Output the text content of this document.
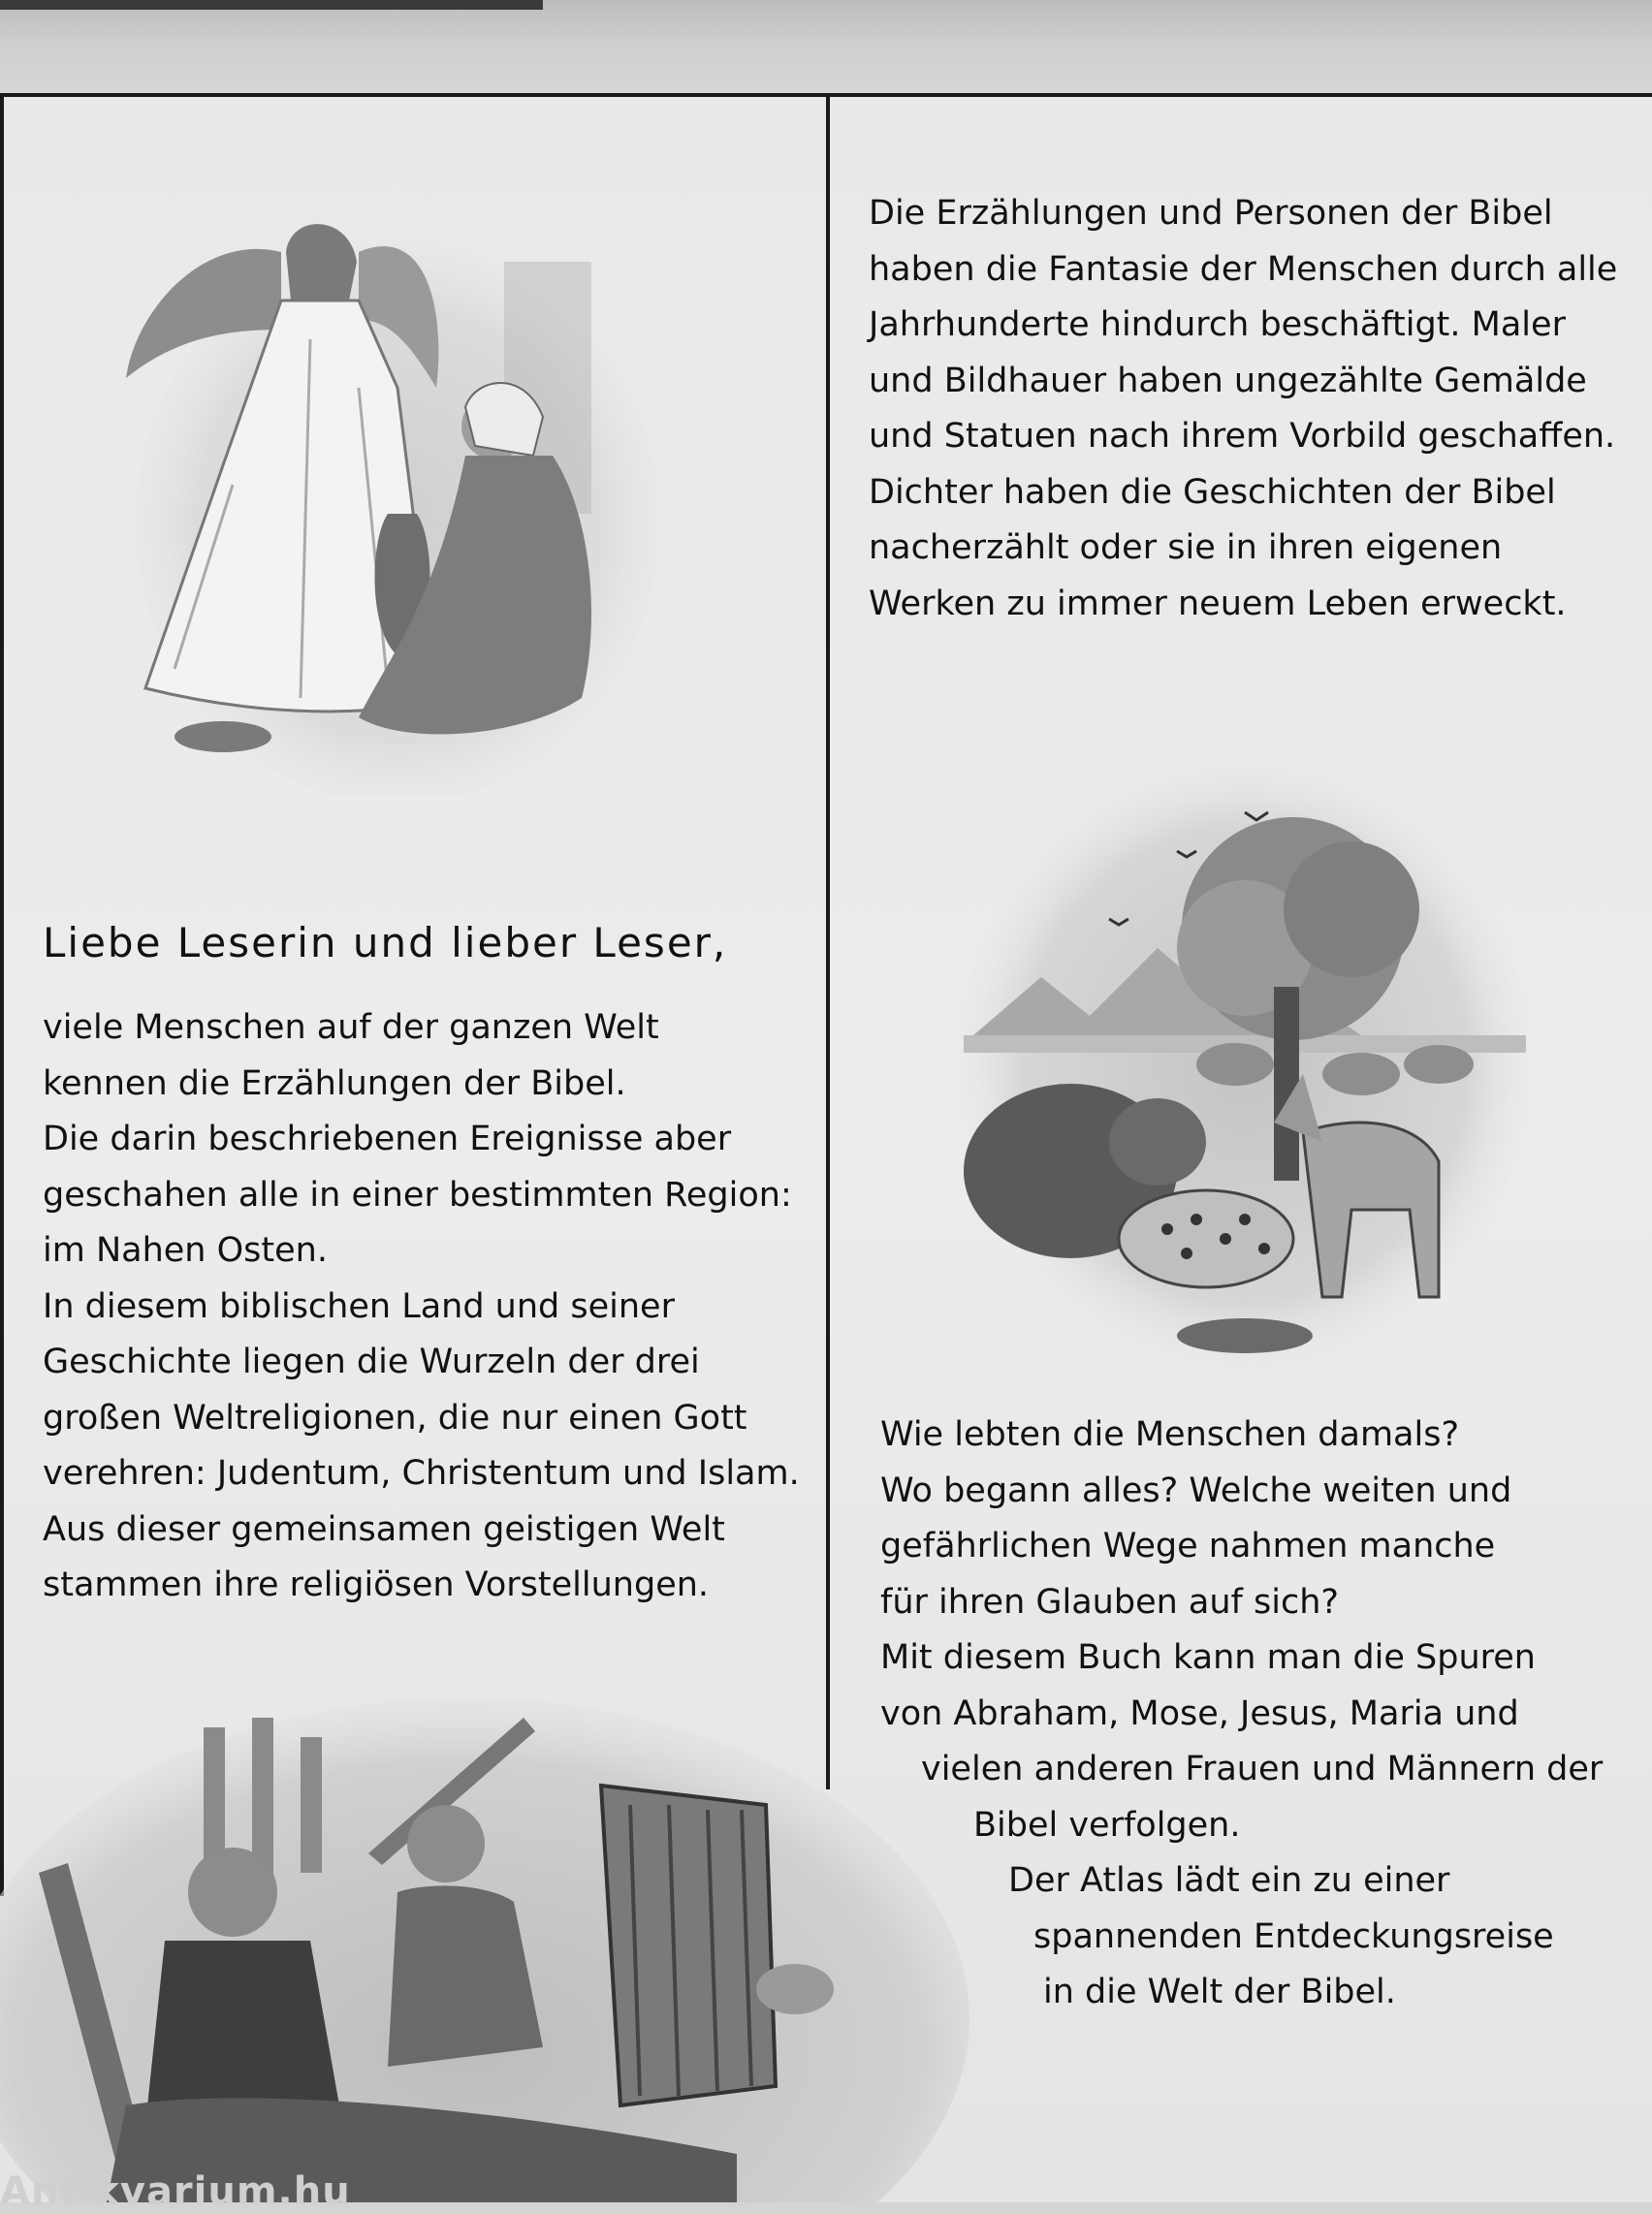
Die Erzählungen und Personen der Bibel
haben die Fantasie der Menschen durch alle
Jahrhunderte hindurch beschäftigt. Maler
und Bildhauer haben ungezählte Gemälde
und Statuen nach ihrem Vorbild geschaffen.
Dichter haben die Geschichten der Bibel
nacherzählt oder sie in ihren eigenen
Werken zu immer neuem Leben erweckt.
Liebe Leserin und lieber Leser,
viele Menschen auf der ganzen Welt
kennen die Erzählungen der Bibel.
Die darin beschriebenen Ereignisse aber
geschahen alle in einer bestimmten Region:
im Nahen Osten.
In diesem biblischen Land und seiner
Geschichte liegen die Wurzeln der drei
großen Weltreligionen, die nur einen Gott
verehren: Judentum, Christentum und Islam.
Aus dieser gemeinsamen geistigen Welt
stammen ihre religiösen Vorstellungen.
Wie lebten die Menschen damals?
Wo begann alles? Welche weiten und
gefährlichen Wege nahmen manche
für ihren Glauben auf sich?
Mit diesem Buch kann man die Spuren
von Abraham, Mose, Jesus, Maria und
vielen anderen Frauen und Männern der
Bibel verfolgen.
Der Atlas lädt ein zu einer
spannenden Entdeckungsreise
in die Welt der Bibel.
Antikvarium.hu
